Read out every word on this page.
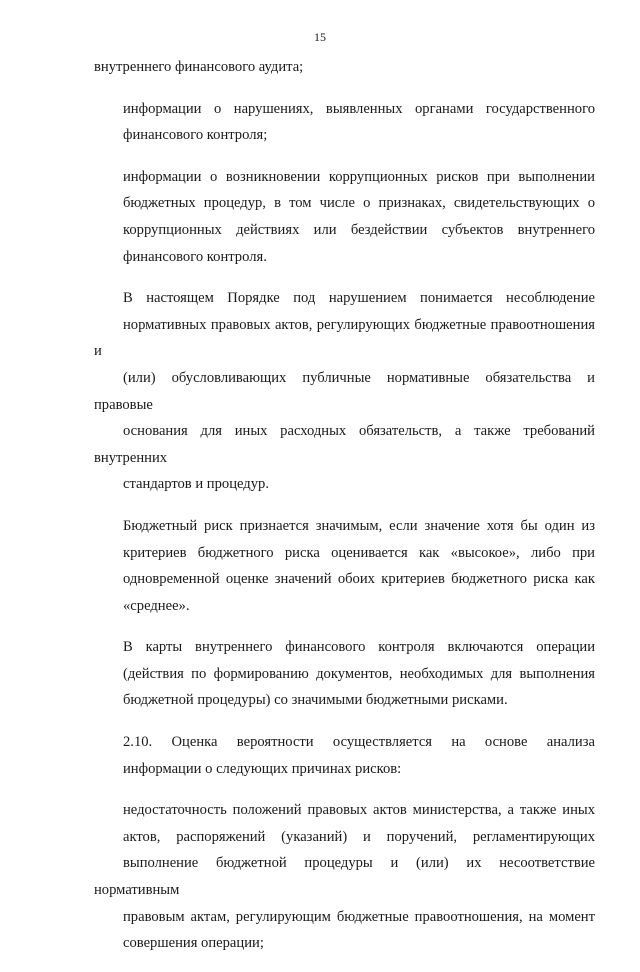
15

внутреннего финансового аудита;

информации о нарушениях, выявленных органами государственного
финансового контроля;

информации о возникновении коррупционных рисков при выполнении
бюджетных процедур, в том числе о признаках, свидетельствующих о
коррупционных действиях или бездействии субъектов внутреннего
финансового контроля.

В настоящем Порядке под нарушением понимается несоблюдение
нормативных правовых актов, регулирующих бюджетные правоотношения и
(или) обусловливающих публичные нормативные обязательства и правовые
основания для иных расходных обязательств, а также требований внутренних
стандартов и процедур.

Бюджетный риск признается значимым, если значение хотя бы один из
критериев бюджетного риска оценивается как «высокое», либо при
одновременной оценке значений обоих критериев бюджетного риска как
«среднее».

В карты внутреннего финансового контроля включаются операции
(действия по формированию документов, необходимых для выполнения
бюджетной процедуры) со значимыми бюджетными рисками.

2.10. Оценка вероятности осуществляется на основе анализа
информации о следующих причинах рисков:

недостаточность положений правовых актов министерства, а также иных
актов, распоряжений (указаний) и поручений, регламентирующих
выполнение бюджетной процедуры и (или) их несоответствие нормативным
правовым актам, регулирующим бюджетные правоотношения, на момент
совершения операции;
